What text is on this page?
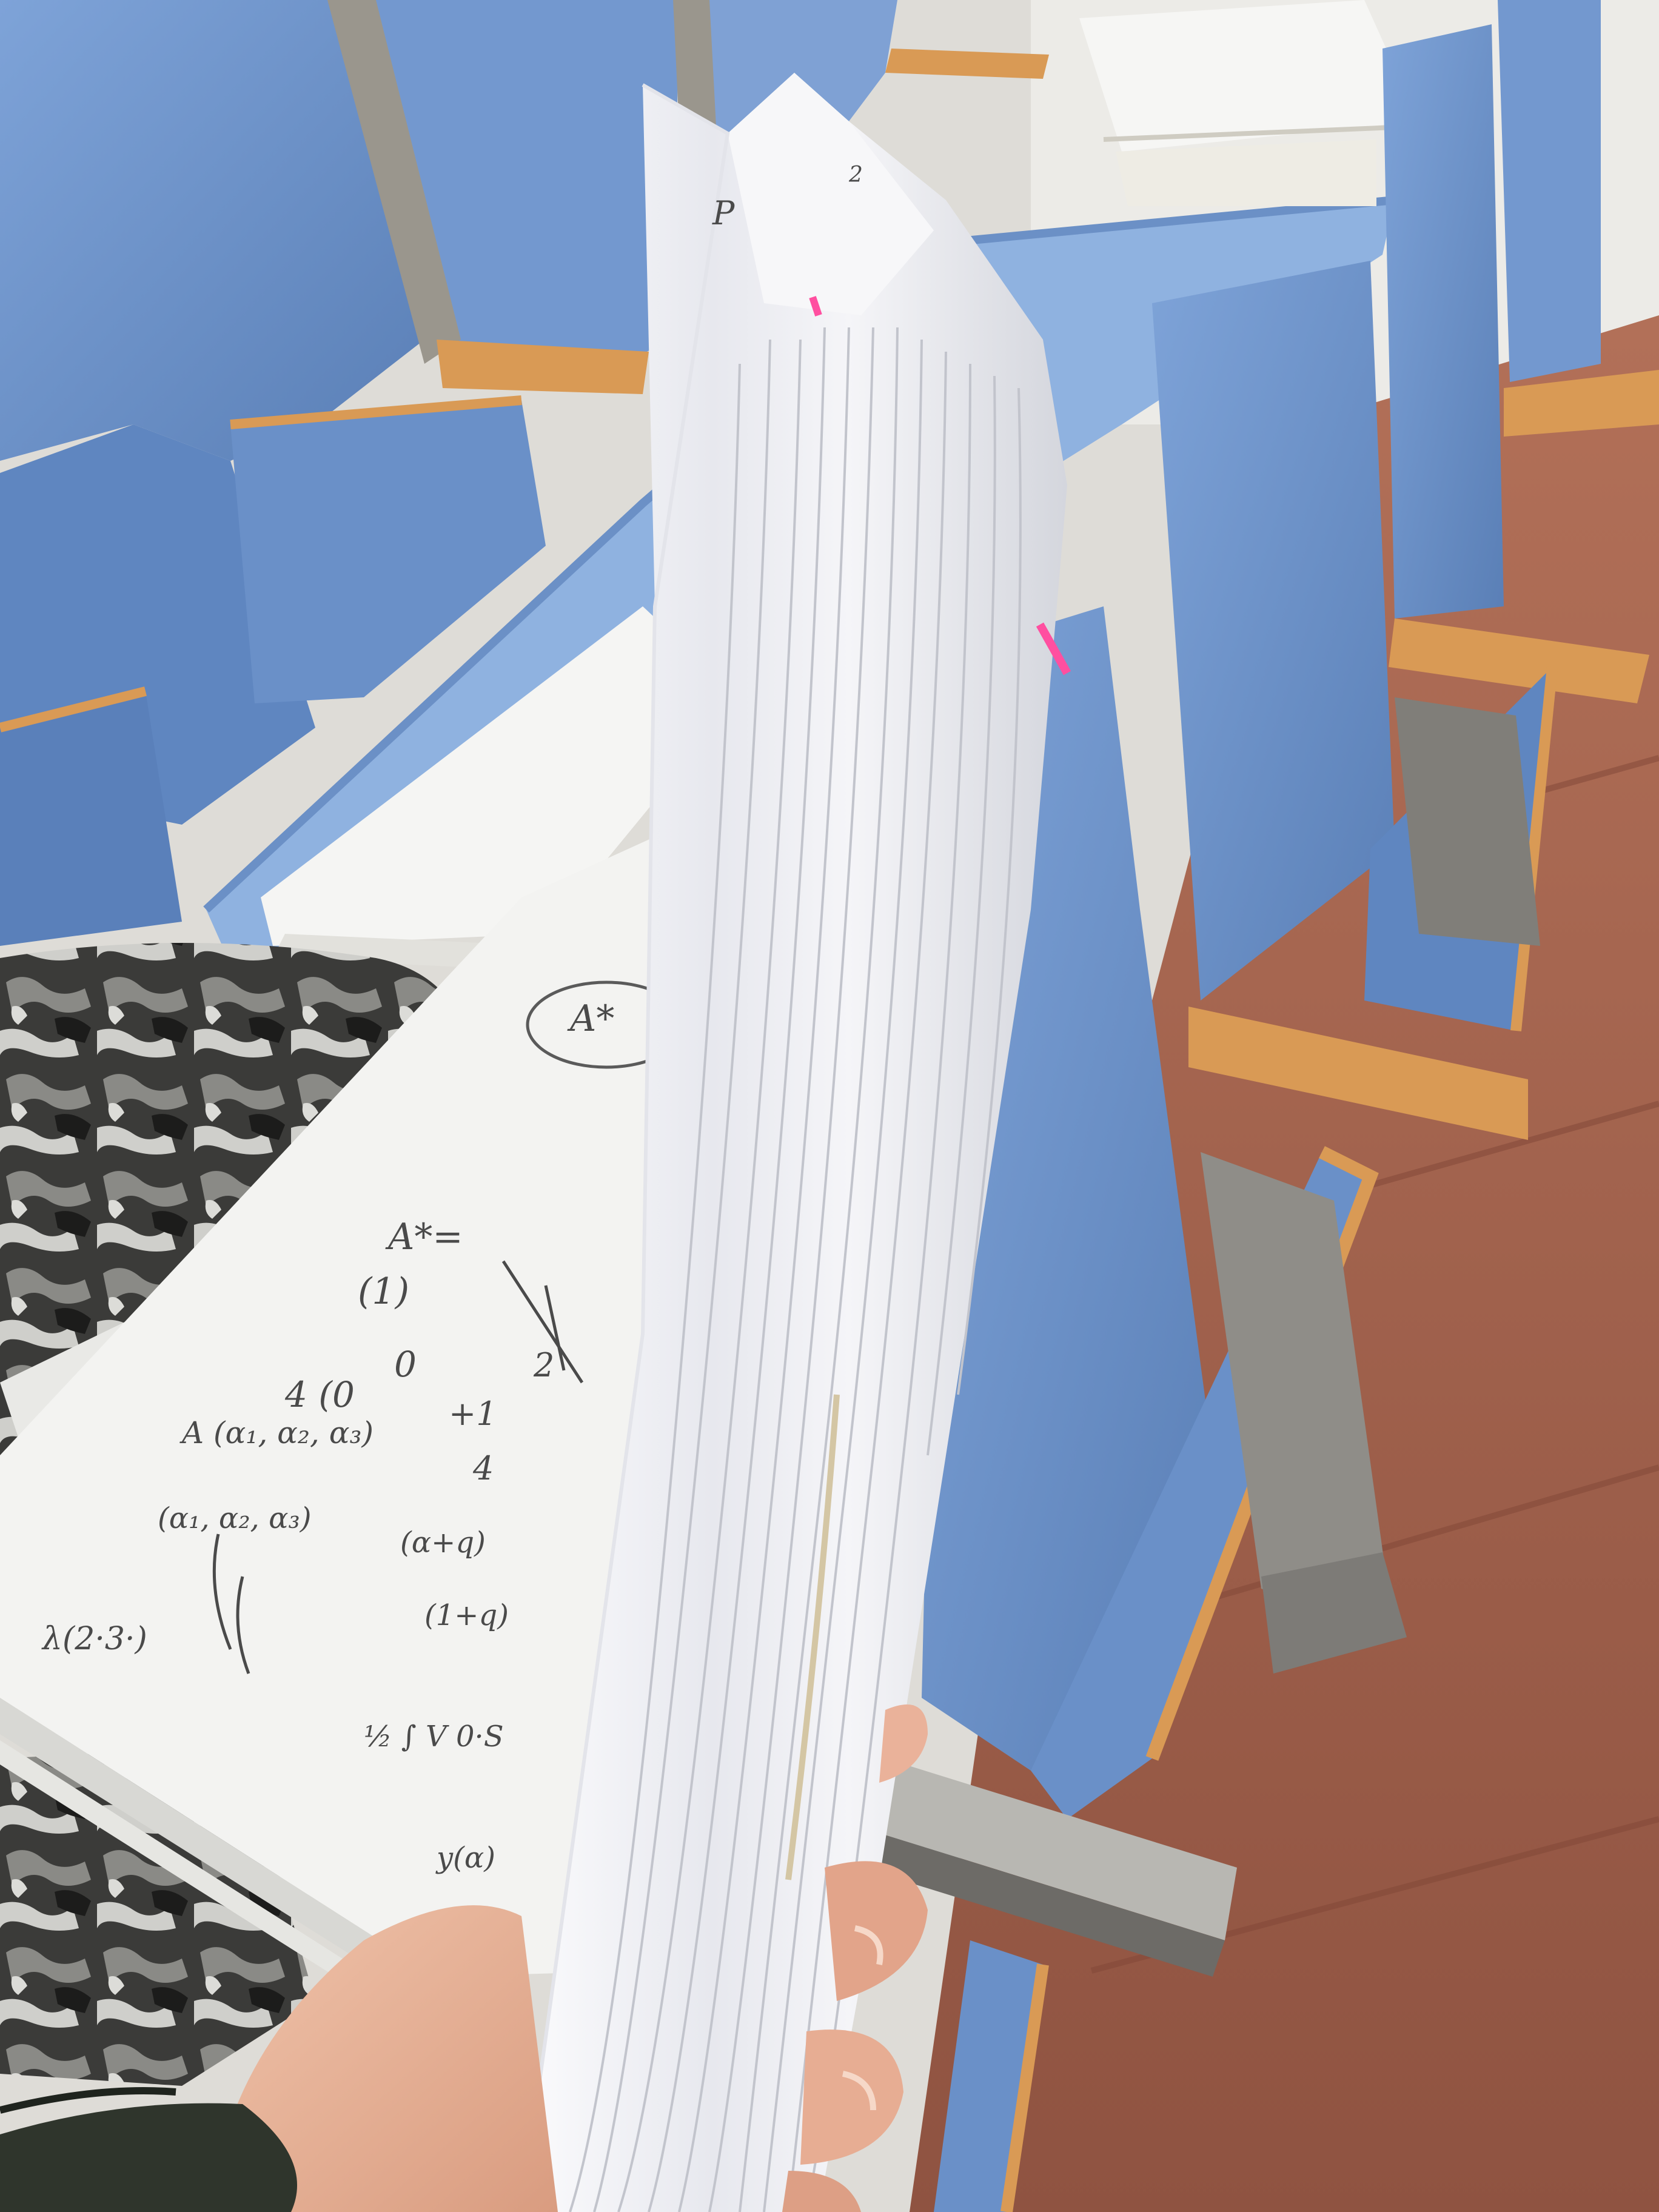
A*
A*=
(1)
0	2
4 (0	+1
4
A (α₁, α₂, α₃)
(α₁, α₂, α₃)
(α+q)
(1+q)
λ(2·3·)
½ ∫ V 0·S
y(α)
P
2
